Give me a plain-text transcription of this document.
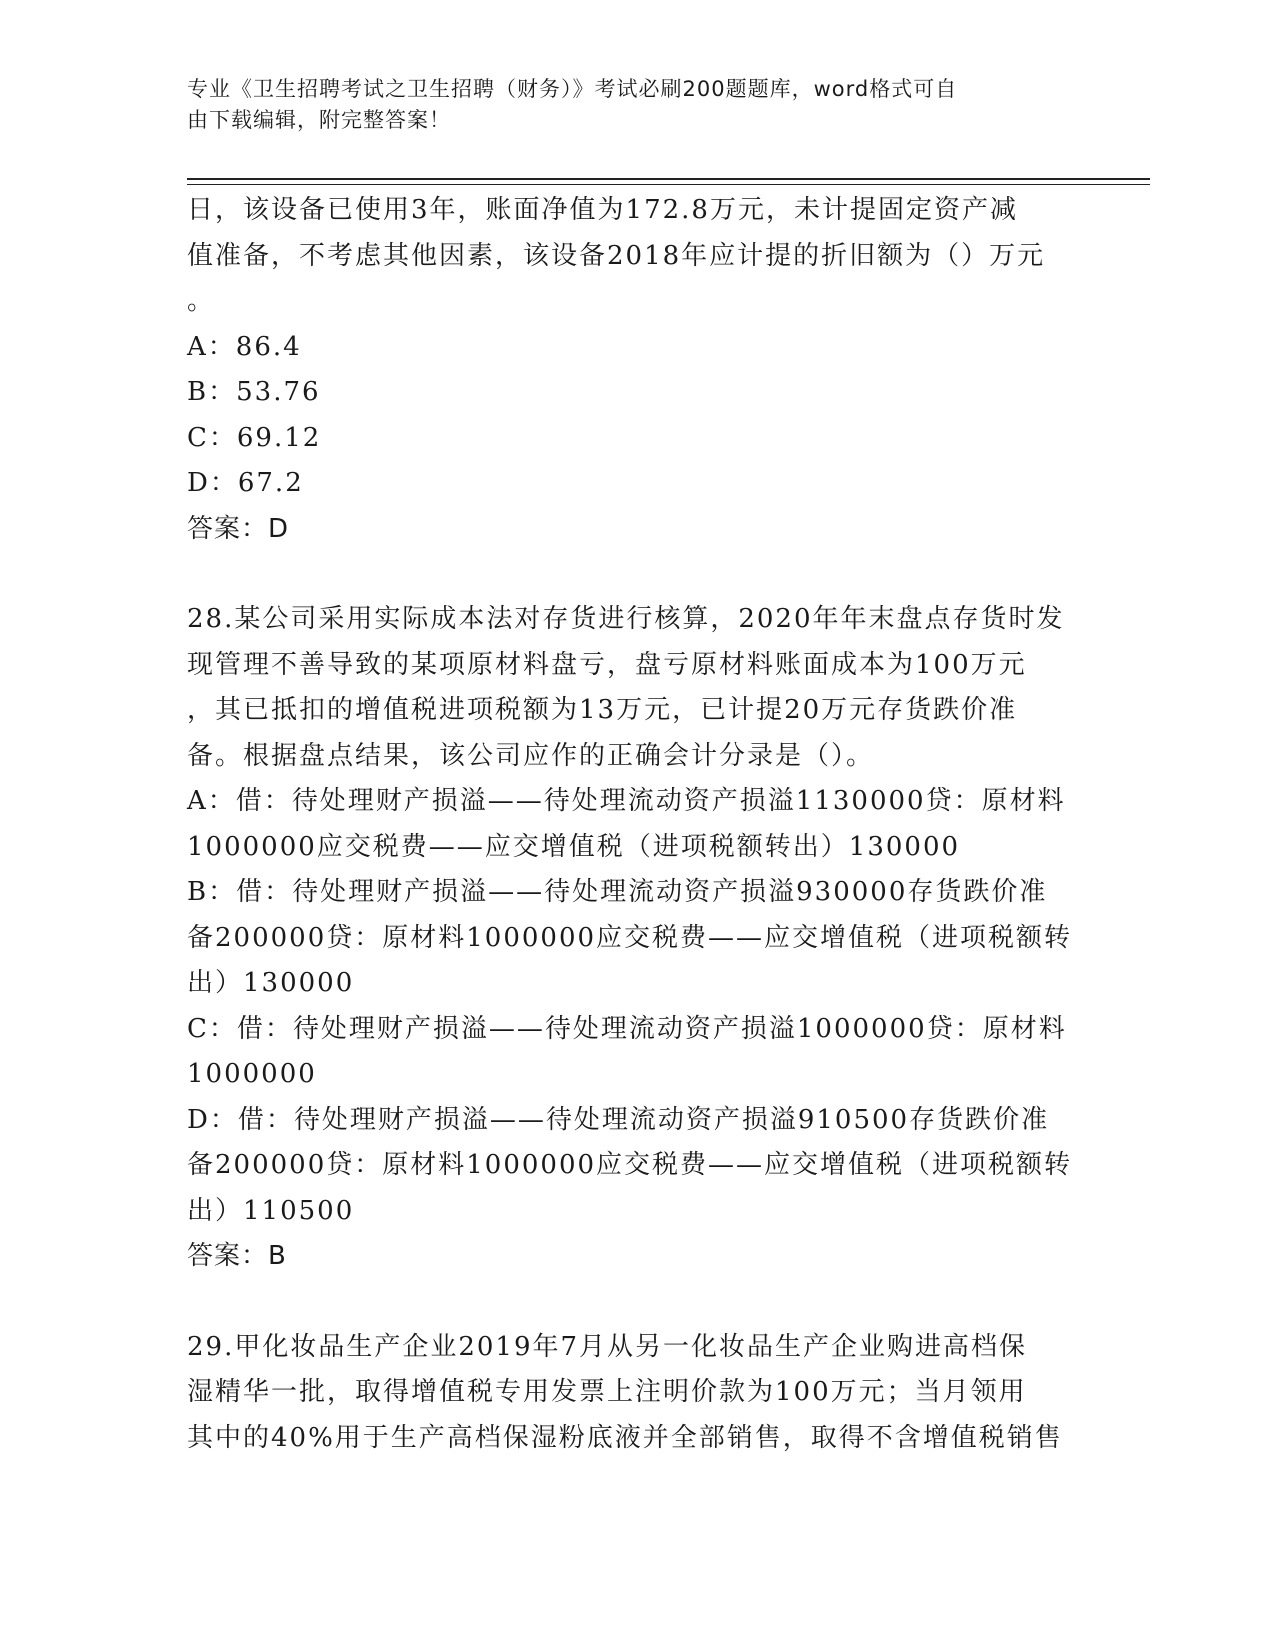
专业《卫生招聘考试之卫生招聘（财务）》考试必刷200题题库，word格式可自
由下载编辑，附完整答案！

日，该设备已使用3年，账面净值为172.8万元，未计提固定资产减

值准备，不考虑其他因素，该设备2018年应计提的折旧额为（）万元

。

A：86.4

B：53.76

C：69.12

D：67.2

答案：D

28.某公司采用实际成本法对存货进行核算，2020年年末盘点存货时发

现管理不善导致的某项原材料盘亏，盘亏原材料账面成本为100万元

，其已抵扣的增值税进项税额为13万元，已计提20万元存货跌价准

备。根据盘点结果，该公司应作的正确会计分录是（）。

A：借：待处理财产损溢——待处理流动资产损溢1130000贷：原材料

1000000应交税费——应交增值税（进项税额转出）130000

B：借：待处理财产损溢——待处理流动资产损溢930000存货跌价准

备200000贷：原材料1000000应交税费——应交增值税（进项税额转

出）130000

C：借：待处理财产损溢——待处理流动资产损溢1000000贷：原材料

1000000

D：借：待处理财产损溢——待处理流动资产损溢910500存货跌价准

备200000贷：原材料1000000应交税费——应交增值税（进项税额转

出）110500

答案：B

29.甲化妆品生产企业2019年7月从另一化妆品生产企业购进高档保

湿精华一批，取得增值税专用发票上注明价款为100万元；当月领用

其中的40%用于生产高档保湿粉底液并全部销售，取得不含增值税销售
